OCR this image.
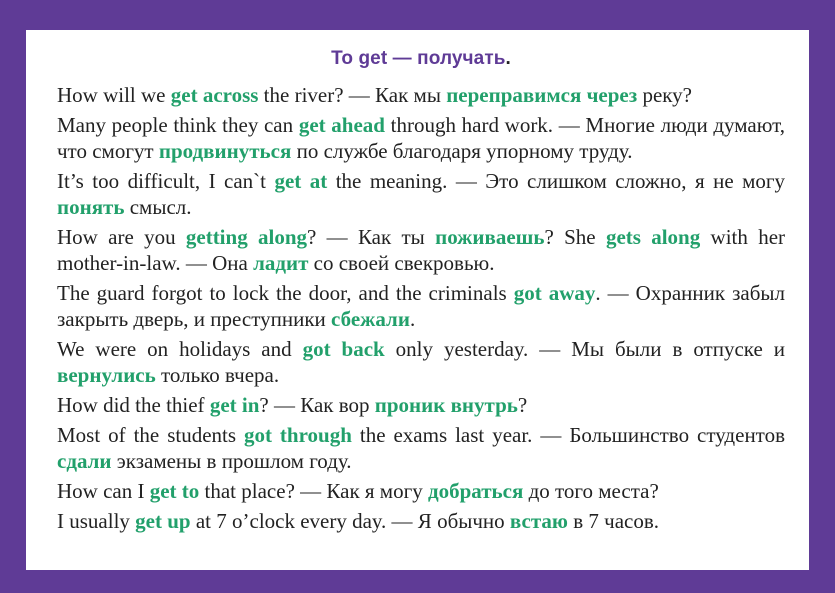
To get — получать.
How will we get across the river? — Как мы переправимся через реку?
Many people think they can get ahead through hard work. — Многие люди думают, что смогут продвинуться по службе благодаря упорному труду.
It’s too difficult, I can`t get at the meaning. — Это слишком сложно, я не могу понять смысл.
How are you getting along? — Как ты поживаешь? She gets along with her mother-in-law. — Она ладит со своей свекровью.
The guard forgot to lock the door, and the criminals got away. — Охранник забыл закрыть дверь, и преступники сбежали.
We were on holidays and got back only yesterday. — Мы были в отпуске и вернулись только вчера.
How did the thief get in? — Как вор проник внутрь?
Most of the students got through the exams last year. — Большинство студентов сдали экзамены в прошлом году.
How can I get to that place? — Как я могу добраться до того места?
I usually get up at 7 o’clock every day. — Я обычно встаю в 7 часов.
